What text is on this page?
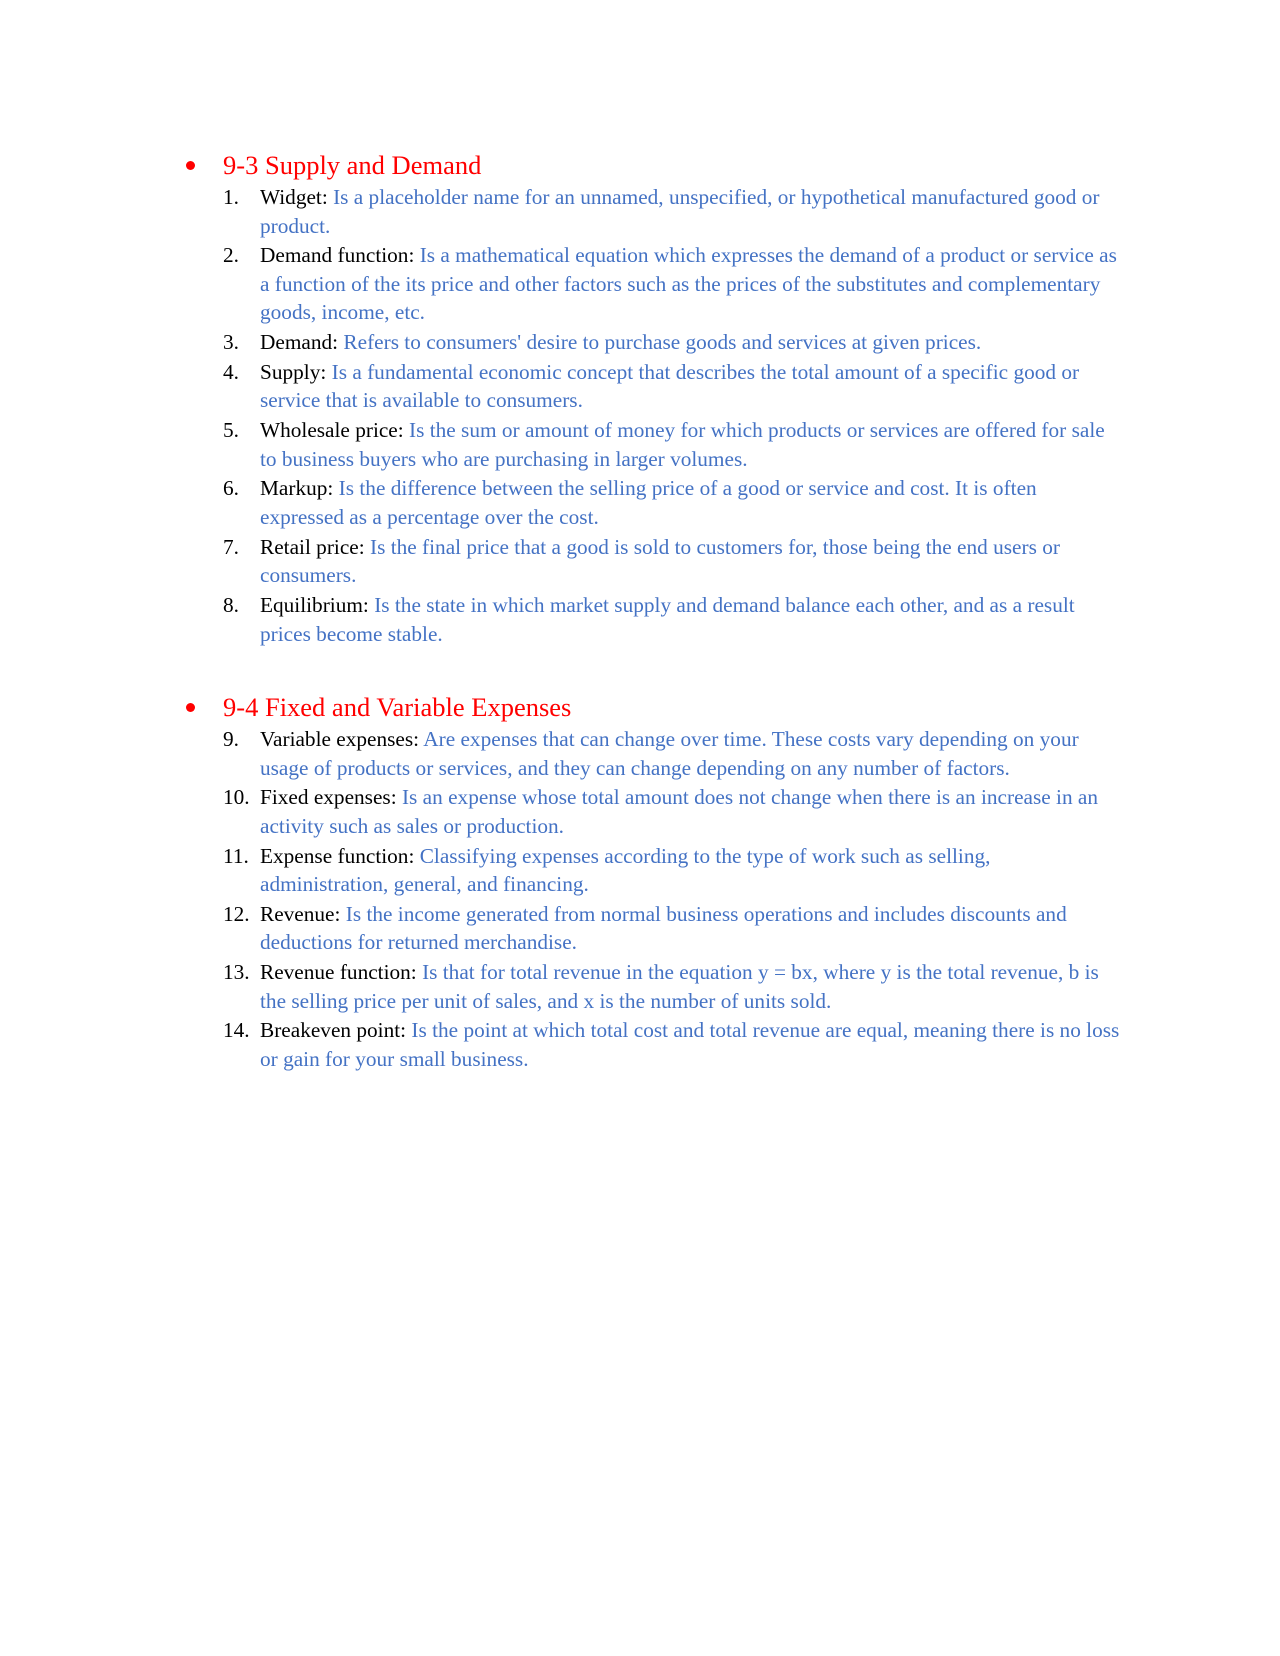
9-3 Supply and Demand
1. Widget: Is a placeholder name for an unnamed, unspecified, or hypothetical manufactured good or product.
2. Demand function: Is a mathematical equation which expresses the demand of a product or service as a function of the its price and other factors such as the prices of the substitutes and complementary goods, income, etc.
3. Demand: Refers to consumers' desire to purchase goods and services at given prices.
4. Supply: Is a fundamental economic concept that describes the total amount of a specific good or service that is available to consumers.
5. Wholesale price: Is the sum or amount of money for which products or services are offered for sale to business buyers who are purchasing in larger volumes.
6. Markup: Is the difference between the selling price of a good or service and cost. It is often expressed as a percentage over the cost.
7. Retail price: Is the final price that a good is sold to customers for, those being the end users or consumers.
8. Equilibrium: Is the state in which market supply and demand balance each other, and as a result prices become stable.
9-4 Fixed and Variable Expenses
9. Variable expenses: Are expenses that can change over time. These costs vary depending on your usage of products or services, and they can change depending on any number of factors.
10. Fixed expenses: Is an expense whose total amount does not change when there is an increase in an activity such as sales or production.
11. Expense function: Classifying expenses according to the type of work such as selling, administration, general, and financing.
12. Revenue: Is the income generated from normal business operations and includes discounts and deductions for returned merchandise.
13. Revenue function: Is that for total revenue in the equation y = bx, where y is the total revenue, b is the selling price per unit of sales, and x is the number of units sold.
14. Breakeven point: Is the point at which total cost and total revenue are equal, meaning there is no loss or gain for your small business.
